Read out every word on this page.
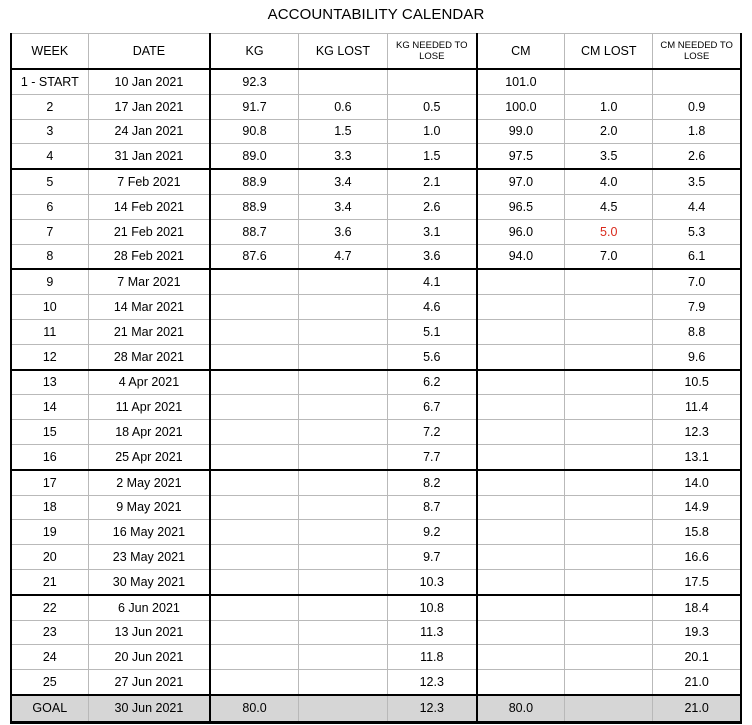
ACCOUNTABILITY CALENDAR
WEEK	DATE	KG	KG LOST	KG NEEDED TO LOSE	CM	CM LOST	CM NEEDED TO LOSE
1 - START	10 Jan 2021	92.3			101.0		
2	17 Jan 2021	91.7	0.6	0.5	100.0	1.0	0.9
3	24 Jan 2021	90.8	1.5	1.0	99.0	2.0	1.8
4	31 Jan 2021	89.0	3.3	1.5	97.5	3.5	2.6
5	7 Feb 2021	88.9	3.4	2.1	97.0	4.0	3.5
6	14 Feb 2021	88.9	3.4	2.6	96.5	4.5	4.4
7	21 Feb 2021	88.7	3.6	3.1	96.0	5.0	5.3
8	28 Feb 2021	87.6	4.7	3.6	94.0	7.0	6.1
9	7 Mar 2021			4.1			7.0
10	14 Mar 2021			4.6			7.9
11	21 Mar 2021			5.1			8.8
12	28 Mar 2021			5.6			9.6
13	4 Apr 2021			6.2			10.5
14	11 Apr 2021			6.7			11.4
15	18 Apr 2021			7.2			12.3
16	25 Apr 2021			7.7			13.1
17	2 May 2021			8.2			14.0
18	9 May 2021			8.7			14.9
19	16 May 2021			9.2			15.8
20	23 May 2021			9.7			16.6
21	30 May 2021			10.3			17.5
22	6 Jun 2021			10.8			18.4
23	13 Jun 2021			11.3			19.3
24	20 Jun 2021			11.8			20.1
25	27 Jun 2021			12.3			21.0
GOAL	30 Jun 2021	80.0		12.3	80.0		21.0
